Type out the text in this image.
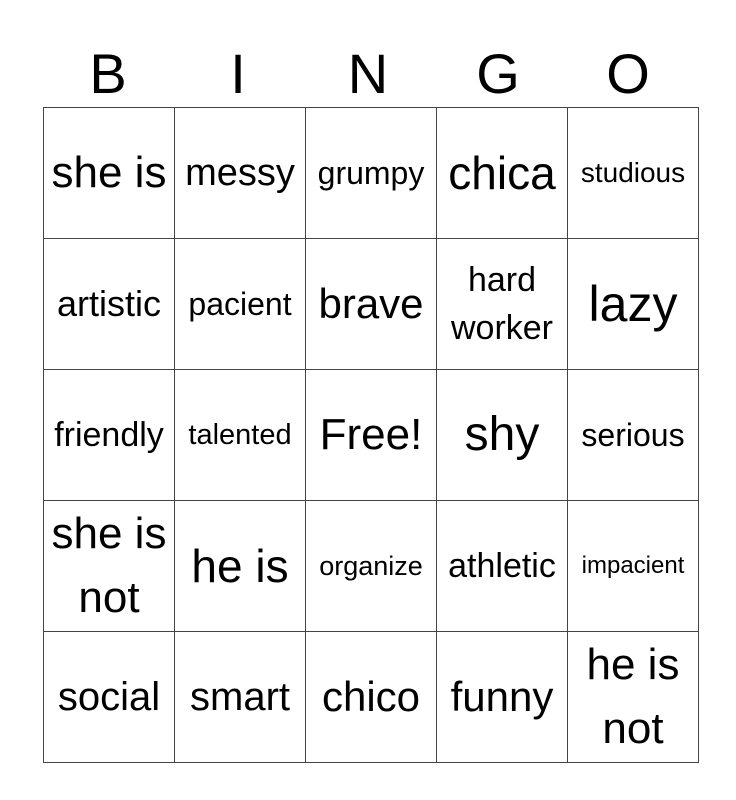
B	I	N	G	O
she is	messy	grumpy	chica	studious

artistic	pacient	brave	hard worker	lazy

friendly	talented	Free!	shy	serious

she is not	he is	organize	athletic	impacient

social	smart	chico	funny	he is not
